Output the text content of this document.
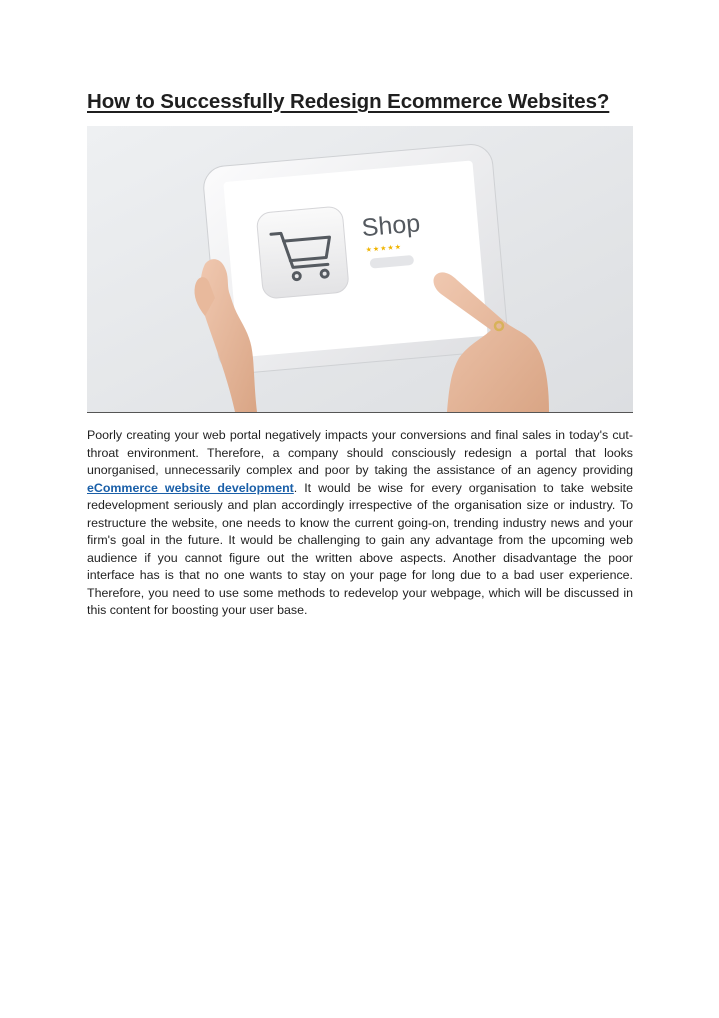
How to Successfully Redesign Ecommerce Websites?
Shop
★★★★★

Poorly creating your web portal negatively impacts your conversions and final sales in today's cut-throat environment. Therefore, a company should consciously redesign a portal that looks unorganised, unnecessarily complex and poor by taking the assistance of an agency providing eCommerce website development. It would be wise for every organisation to take website redevelopment seriously and plan accordingly irrespective of the organisation size or industry. To restructure the website, one needs to know the current going-on, trending industry news and your firm's goal in the future. It would be challenging to gain any advantage from the upcoming web audience if you cannot figure out the written above aspects. Another disadvantage the poor interface has is that no one wants to stay on your page for long due to a bad user experience. Therefore, you need to use some methods to redevelop your webpage, which will be discussed in this content for boosting your user base.
